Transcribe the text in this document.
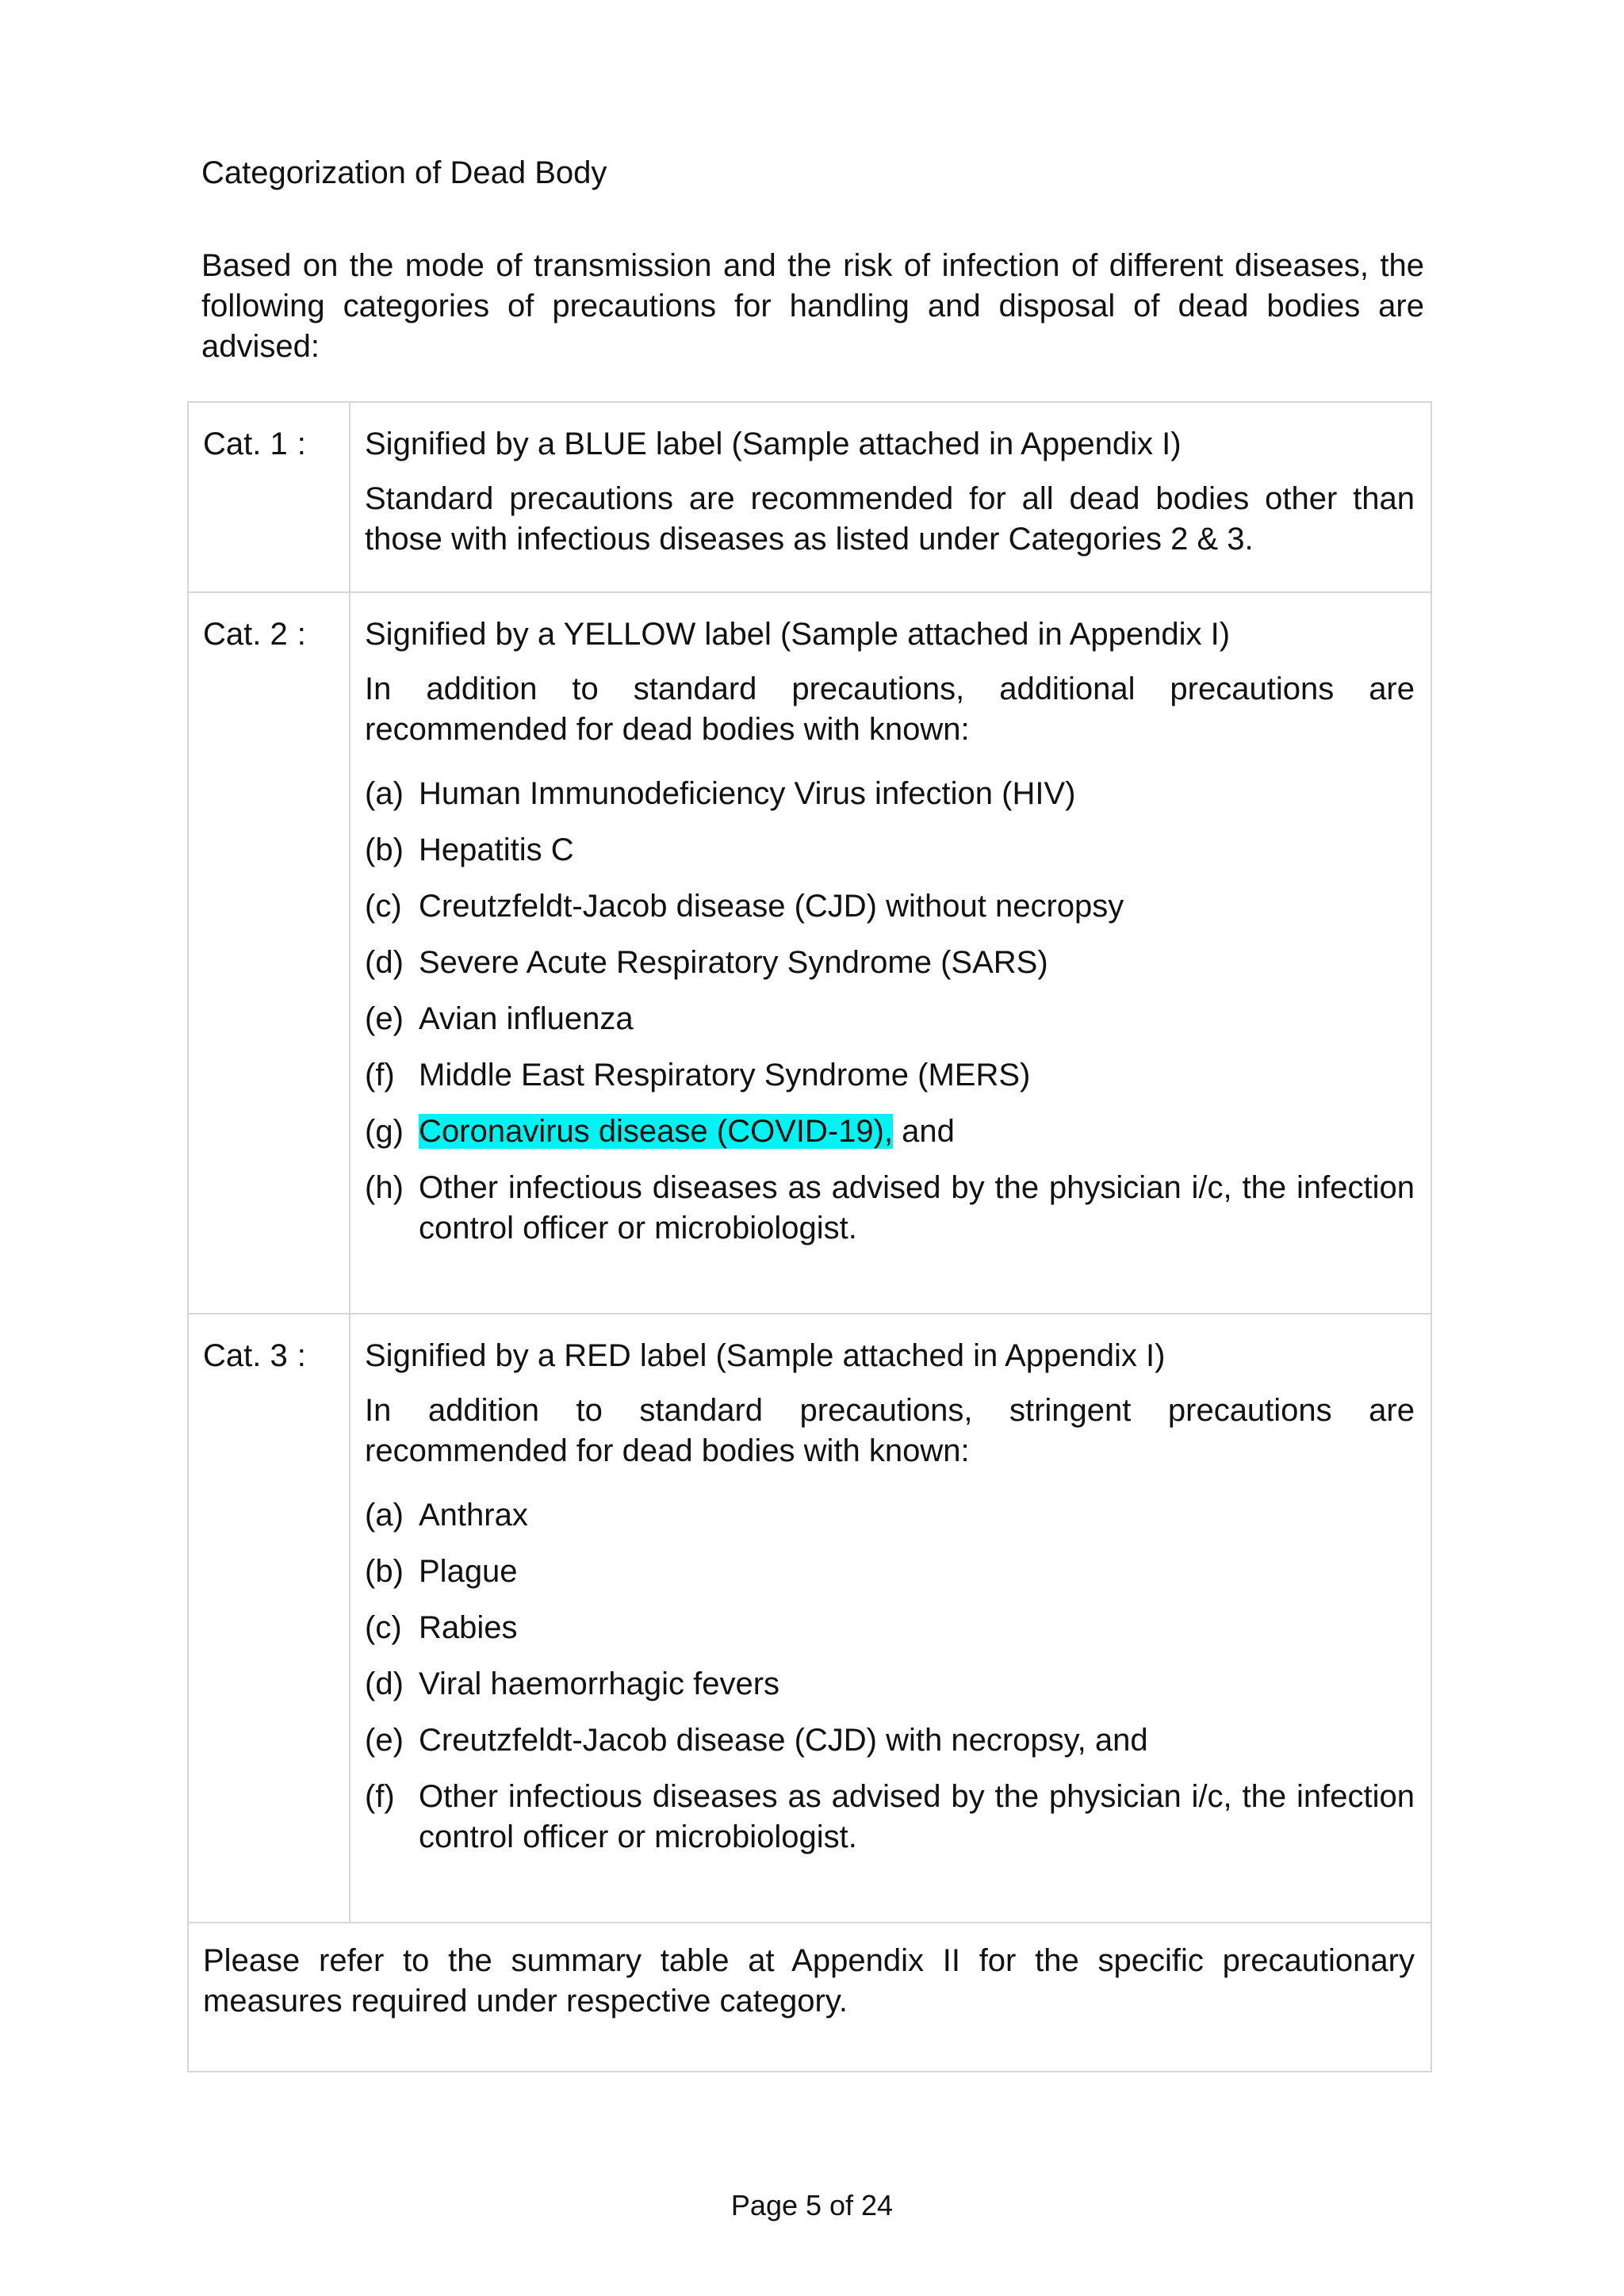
Categorization of Dead Body
Based on the mode of transmission and the risk of infection of different diseases, the following categories of precautions for handling and disposal of dead bodies are advised:
Cat. 1 :	Signified by a BLUE label (Sample attached in Appendix I)
Standard precautions are recommended for all dead bodies other than those with infectious diseases as listed under Categories 2 & 3.
Cat. 2 :	Signified by a YELLOW label (Sample attached in Appendix I)
In addition to standard precautions, additional precautions are recommended for dead bodies with known:
(a) Human Immunodeficiency Virus infection (HIV)
(b) Hepatitis C
(c) Creutzfeldt-Jacob disease (CJD) without necropsy
(d) Severe Acute Respiratory Syndrome (SARS)
(e) Avian influenza
(f) Middle East Respiratory Syndrome (MERS)
(g) Coronavirus disease (COVID-19), and
(h) Other infectious diseases as advised by the physician i/c, the infection control officer or microbiologist.
Cat. 3 :	Signified by a RED label (Sample attached in Appendix I)
In addition to standard precautions, stringent precautions are recommended for dead bodies with known:
(a) Anthrax
(b) Plague
(c) Rabies
(d) Viral haemorrhagic fevers
(e) Creutzfeldt-Jacob disease (CJD) with necropsy, and
(f) Other infectious diseases as advised by the physician i/c, the infection control officer or microbiologist.
Please refer to the summary table at Appendix II for the specific precautionary measures required under respective category.
Page 5 of 24
